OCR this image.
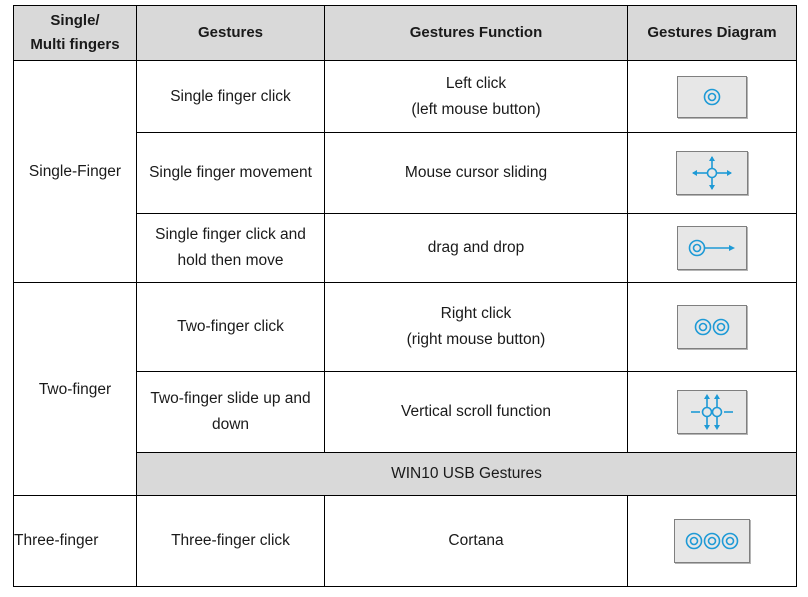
Single/
Multi fingers	Gestures	Gestures Function	Gestures Diagram
Single-Finger	Single finger click	Left click
(left mouse button)

	Single finger movement	Mouse cursor sliding

	Single finger click and
hold then move	drag and drop

Two-finger	Two-finger click	Right click
(right mouse button)

	Two-finger slide up and
down	Vertical scroll function

	WIN10 USB Gestures		

Three-finger	Three-finger click	Cortana
